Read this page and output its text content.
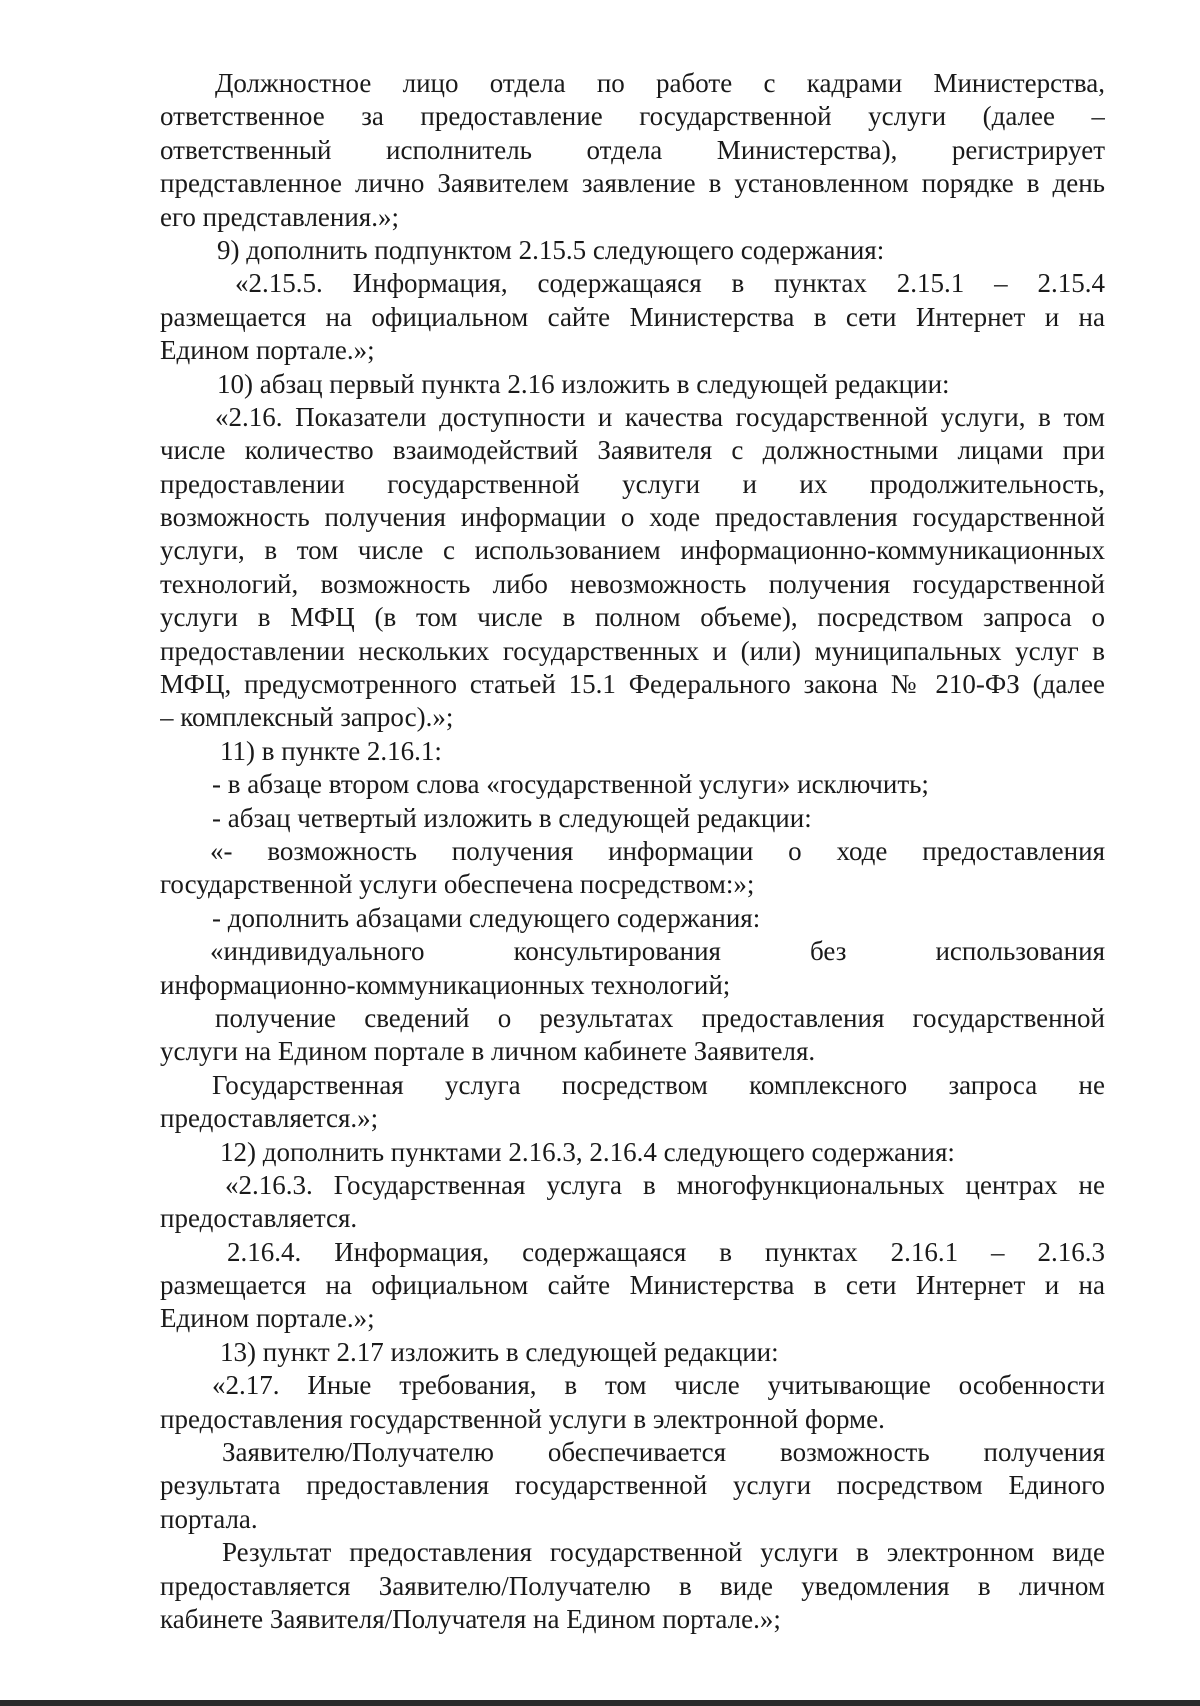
Должностное лицо отдела по работе с кадрами Министерства,
ответственное за предоставление государственной услуги (далее –
ответственный исполнитель отдела Министерства), регистрирует
представленное лично Заявителем заявление в установленном порядке в день
его представления.»;
9) дополнить подпунктом 2.15.5 следующего содержания:
«2.15.5. Информация, содержащаяся в пунктах 2.15.1 – 2.15.4
размещается на официальном сайте Министерства в сети Интернет и на
Едином портале.»;
10) абзац первый пункта 2.16 изложить в следующей редакции:
«2.16. Показатели доступности и качества государственной услуги, в том
числе количество взаимодействий Заявителя с должностными лицами при
предоставлении государственной услуги и их продолжительность,
возможность получения информации о ходе предоставления государственной
услуги, в том числе с использованием информационно-коммуникационных
технологий, возможность либо невозможность получения государственной
услуги в МФЦ (в том числе в полном объеме), посредством запроса о
предоставлении нескольких государственных и (или) муниципальных услуг в
МФЦ, предусмотренного статьей 15.1 Федерального закона № 210-ФЗ (далее
– комплексный запрос).»;
11) в пункте 2.16.1:
- в абзаце втором слова «государственной услуги» исключить;
- абзац четвертый изложить в следующей редакции:
«- возможность получения информации о ходе предоставления
государственной услуги обеспечена посредством:»;
- дополнить абзацами следующего содержания:
«индивидуального консультирования без использования
информационно-коммуникационных технологий;
получение сведений о результатах предоставления государственной
услуги на Едином портале в личном кабинете Заявителя.
Государственная услуга посредством комплексного запроса не
предоставляется.»;
12) дополнить пунктами 2.16.3, 2.16.4 следующего содержания:
«2.16.3. Государственная услуга в многофункциональных центрах не
предоставляется.
2.16.4. Информация, содержащаяся в пунктах 2.16.1 – 2.16.3
размещается на официальном сайте Министерства в сети Интернет и на
Едином портале.»;
13) пункт 2.17 изложить в следующей редакции:
«2.17. Иные требования, в том числе учитывающие особенности
предоставления государственной услуги в электронной форме.
Заявителю/Получателю обеспечивается возможность получения
результата предоставления государственной услуги посредством Единого
портала.
Результат предоставления государственной услуги в электронном виде
предоставляется Заявителю/Получателю в виде уведомления в личном
кабинете Заявителя/Получателя на Едином портале.»;
